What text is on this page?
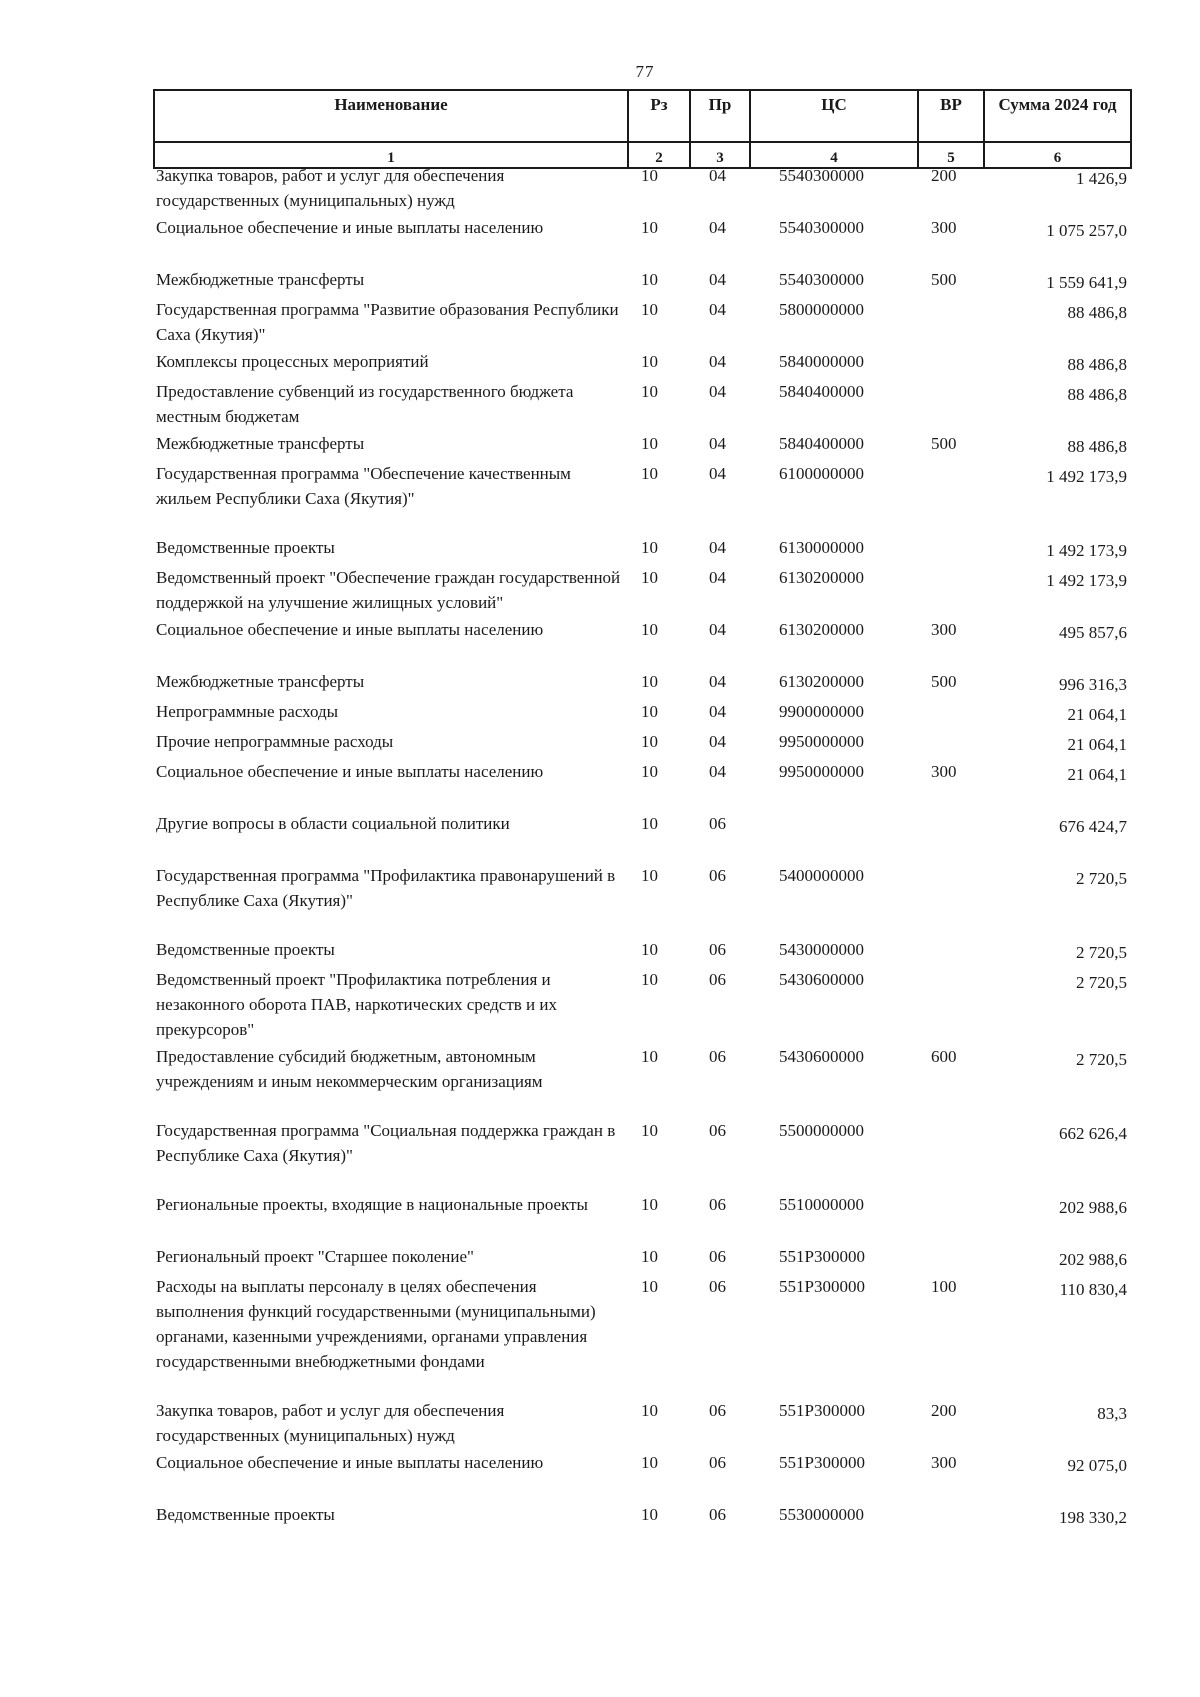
77
Наименование	Рз	Пр	ЦС	ВР	Сумма 2024 год
1	2	3	4	5	6
Закупка товаров, работ и услуг для обеспечения государственных (муниципальных) нужд	10	04	5540300000	200	1 426,9
Социальное обеспечение и иные выплаты населению	10	04	5540300000	300	1 075 257,0
Межбюджетные трансферты	10	04	5540300000	500	1 559 641,9
Государственная программа "Развитие образования Республики Саха (Якутия)"	10	04	5800000000		88 486,8
Комплексы процессных мероприятий	10	04	5840000000		88 486,8
Предоставление субвенций из государственного бюджета местным бюджетам	10	04	5840400000		88 486,8
Межбюджетные трансферты	10	04	5840400000	500	88 486,8
Государственная программа "Обеспечение качественным жильем Республики Саха (Якутия)"	10	04	6100000000		1 492 173,9
Ведомственные проекты	10	04	6130000000		1 492 173,9
Ведомственный проект "Обеспечение граждан государственной поддержкой на улучшение жилищных условий"	10	04	6130200000		1 492 173,9
Социальное обеспечение и иные выплаты населению	10	04	6130200000	300	495 857,6
Межбюджетные трансферты	10	04	6130200000	500	996 316,3
Непрограммные расходы	10	04	9900000000		21 064,1
Прочие непрограммные расходы	10	04	9950000000		21 064,1
Социальное обеспечение и иные выплаты населению	10	04	9950000000	300	21 064,1
Другие вопросы в области социальной политики	10	06			676 424,7
Государственная программа "Профилактика правонарушений в Республике Саха (Якутия)"	10	06	5400000000		2 720,5
Ведомственные проекты	10	06	5430000000		2 720,5
Ведомственный проект "Профилактика потребления и незаконного оборота ПАВ, наркотических средств и их прекурсоров"	10	06	5430600000		2 720,5
Предоставление субсидий бюджетным, автономным учреждениям и иным некоммерческим организациям	10	06	5430600000	600	2 720,5
Государственная программа "Социальная поддержка граждан в Республике Саха (Якутия)"	10	06	5500000000		662 626,4
Региональные проекты, входящие в национальные проекты	10	06	5510000000		202 988,6
Региональный проект "Старшее поколение"	10	06	551P300000		202 988,6
Расходы на выплаты персоналу в целях обеспечения выполнения функций государственными (муниципальными) органами, казенными учреждениями, органами управления государственными внебюджетными фондами	10	06	551P300000	100	110 830,4
Закупка товаров, работ и услуг для обеспечения государственных (муниципальных) нужд	10	06	551P300000	200	83,3
Социальное обеспечение и иные выплаты населению	10	06	551P300000	300	92 075,0
Ведомственные проекты	10	06	5530000000		198 330,2
